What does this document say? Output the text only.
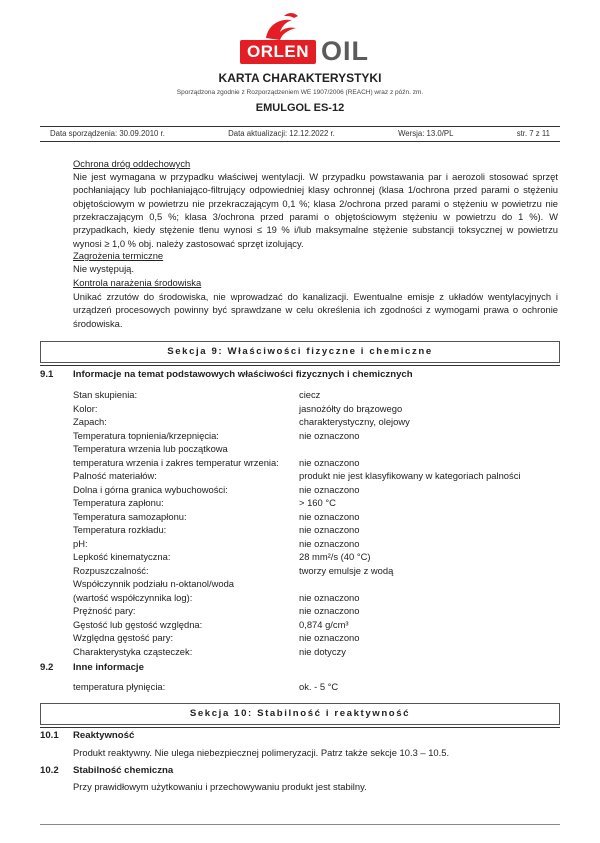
ORLEN OIL
KARTA CHARAKTERYSTYKI
Sporządzona zgodnie z Rozporządzeniem WE 1907/2006 (REACH) wraz z późn. zm.
EMULGOL ES-12
Data sporządzenia: 30.09.2010 r.	Data aktualizacji: 12.12.2022 r.	Wersja: 13.0/PL	str. 7 z 11
Ochrona dróg oddechowych
Nie jest wymagana w przypadku właściwej wentylacji. W przypadku powstawania par i aerozoli stosować sprzęt pochłaniający lub pochłaniająco-filtrujący odpowiedniej klasy ochronnej (klasa 1/ochrona przed parami o stężeniu objętościowym w powietrzu nie przekraczającym 0,1 %; klasa 2/ochrona przed parami o stężeniu w powietrzu nie przekraczającym 0,5 %; klasa 3/ochrona przed parami o objętościowym stężeniu w powietrzu do 1 %). W przypadkach, kiedy stężenie tlenu wynosi ≤ 19 % i/lub maksymalne stężenie substancji toksycznej w powietrzu wynosi ≥ 1,0 % obj. należy zastosować sprzęt izolujący.
Zagrożenia termiczne
Nie występują.
Kontrola narażenia środowiska
Unikać zrzutów do środowiska, nie wprowadzać do kanalizacji. Ewentualne emisje z układów wentylacyjnych i urządzeń procesowych powinny być sprawdzane w celu określenia ich zgodności z wymogami prawa o ochronie środowiska.
Sekcja 9: Właściwości fizyczne i chemiczne
9.1 Informacje na temat podstawowych właściwości fizycznych i chemicznych
Stan skupienia:	ciecz
Kolor:	jasnożółty do brązowego
Zapach:	charakterystyczny, olejowy
Temperatura topnienia/krzepnięcia:	nie oznaczono
Temperatura wrzenia lub początkowa
temperatura wrzenia i zakres temperatur wrzenia:	nie oznaczono
Palność materiałów:	produkt nie jest klasyfikowany w kategoriach palności
Dolna i górna granica wybuchowości:	nie oznaczono
Temperatura zapłonu:	> 160 °C
Temperatura samozapłonu:	nie oznaczono
Temperatura rozkładu:	nie oznaczono
pH:	nie oznaczono
Lepkość kinematyczna:	28 mm²/s (40 °C)
Rozpuszczalność:	tworzy emulsje z wodą
Współczynnik podziału n-oktanol/woda
(wartość współczynnika log):	nie oznaczono
Prężność pary:	nie oznaczono
Gęstość lub gęstość względna:	0,874 g/cm³
Względna gęstość pary:	nie oznaczono
Charakterystyka cząsteczek:	nie dotyczy
9.2 Inne informacje
temperatura płynięcia:	ok. - 5 °C
Sekcja 10: Stabilność i reaktywność
10.1 Reaktywność
Produkt reaktywny. Nie ulega niebezpiecznej polimeryzacji. Patrz także sekcje 10.3 – 10.5.
10.2 Stabilność chemiczna
Przy prawidłowym użytkowaniu i przechowywaniu produkt jest stabilny.
